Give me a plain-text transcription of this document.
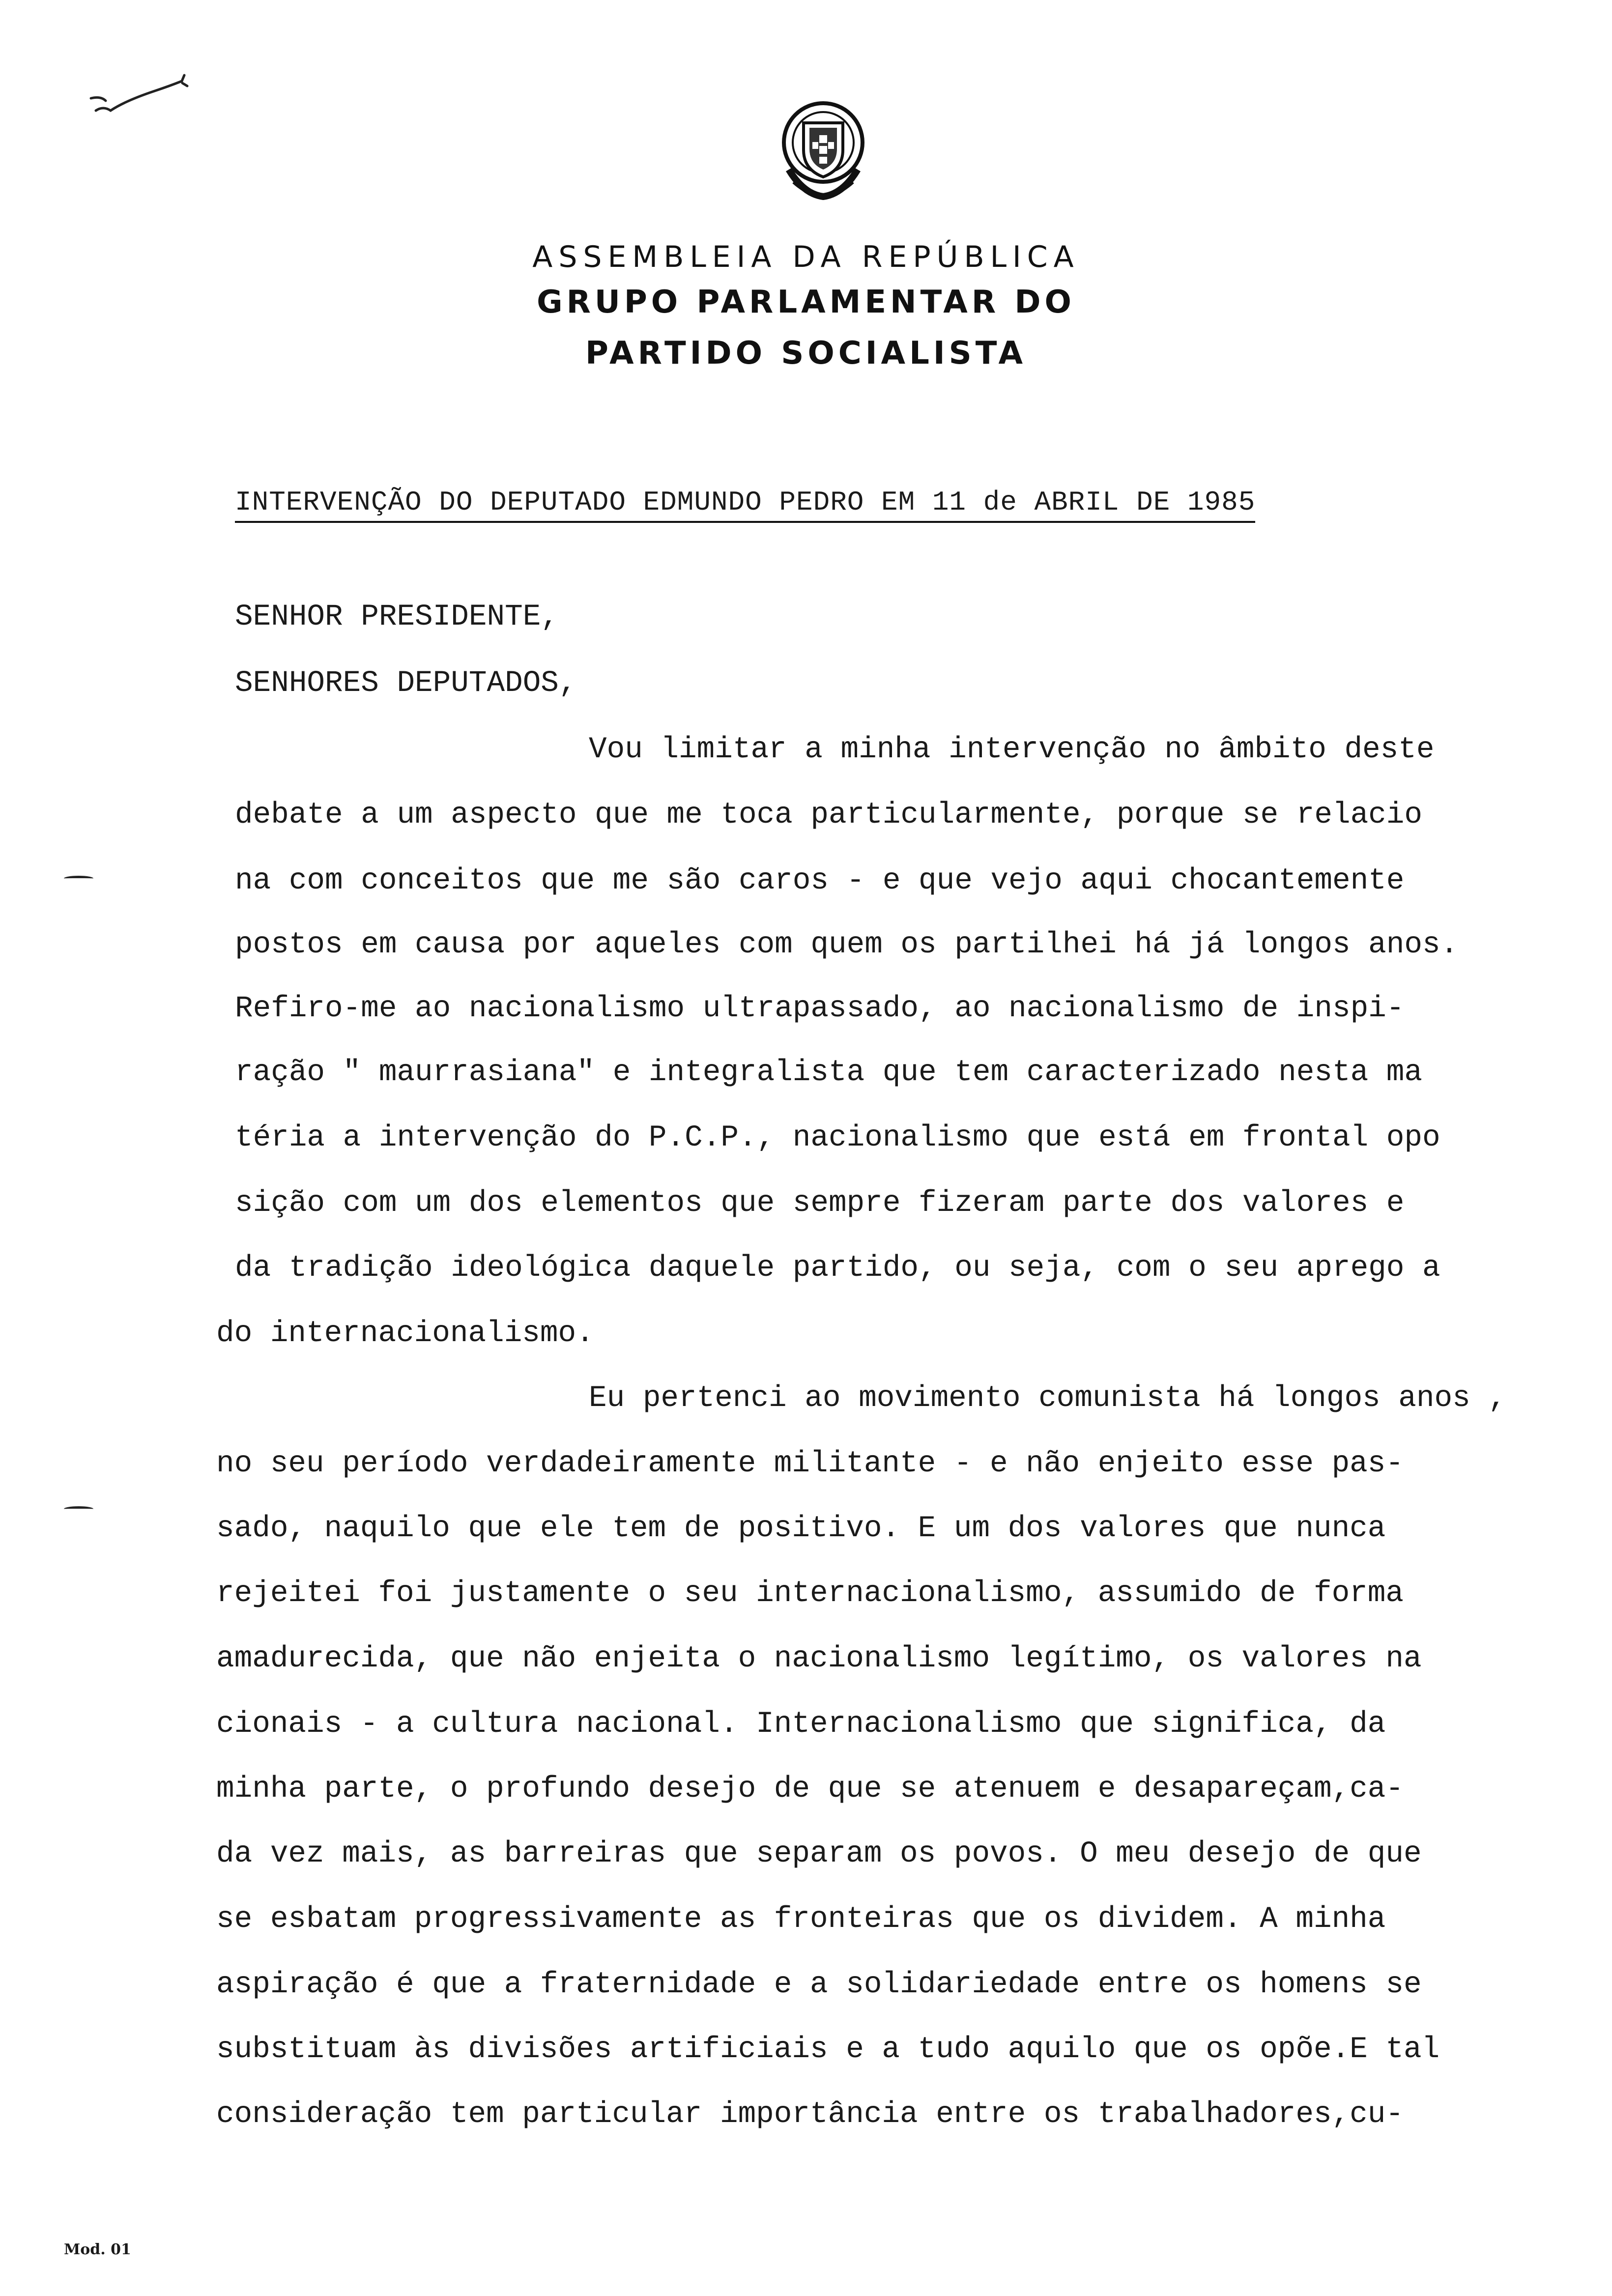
ASSEMBLEIA DA REPÚBLICA
GRUPO PARLAMENTAR DO
PARTIDO SOCIALISTA
INTERVENÇÃO DO DEPUTADO EDMUNDO PEDRO EM 11 de ABRIL DE 1985
SENHOR PRESIDENTE,
SENHORES DEPUTADOS,
Vou limitar a minha intervenção no âmbito deste
debate a um aspecto que me toca particularmente, porque se relacio
na com conceitos que me são caros - e que vejo aqui chocantemente
postos em causa por aqueles com quem os partilhei há já longos anos.
Refiro-me ao nacionalismo ultrapassado, ao nacionalismo de inspi-
ração " maurrasiana" e integralista que tem caracterizado nesta ma
téria a intervenção do P.C.P., nacionalismo que está em frontal opo
sição com um dos elementos que sempre fizeram parte dos valores e
da tradição ideológica daquele partido, ou seja, com o seu aprego a
do internacionalismo.
Eu pertenci ao movimento comunista há longos anos ,
no seu período verdadeiramente militante - e não enjeito esse pas-
sado, naquilo que ele tem de positivo. E um dos valores que nunca
rejeitei foi justamente o seu internacionalismo, assumido de forma
amadurecida, que não enjeita o nacionalismo legítimo, os valores na
cionais - a cultura nacional. Internacionalismo que significa, da
minha parte, o profundo desejo de que se atenuem e desapareçam,ca-
da vez mais, as barreiras que separam os povos. O meu desejo de que
se esbatam progressivamente as fronteiras que os dividem. A minha
aspiração é que a fraternidade e a solidariedade entre os homens se
substituam às divisões artificiais e a tudo aquilo que os opõe.E tal
consideração tem particular importância entre os trabalhadores,cu-
Mod. 01
